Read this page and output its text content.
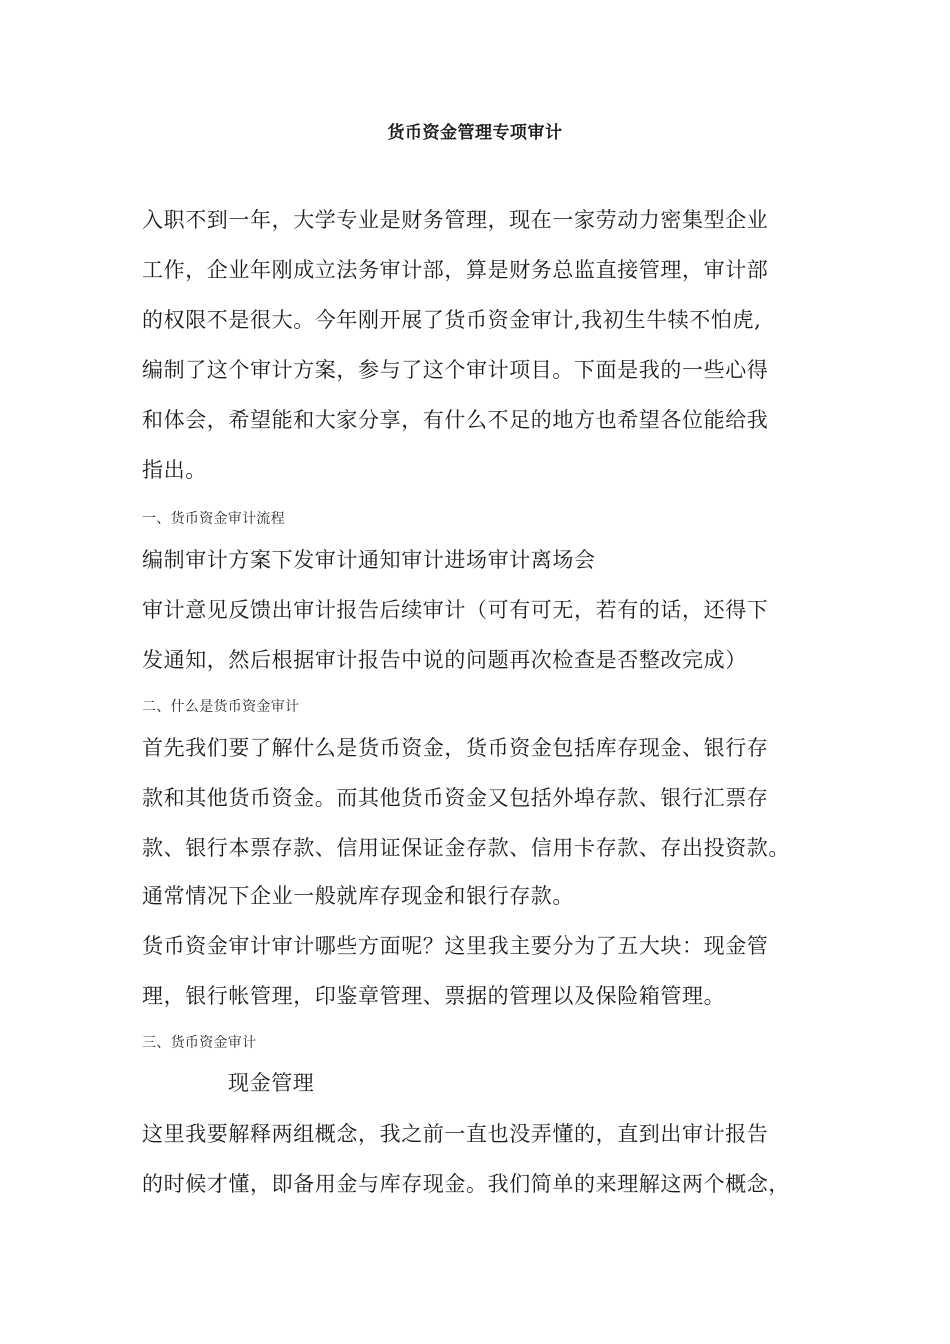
货币资金管理专项审计
入职不到一年，大学专业是财务管理，现在一家劳动力密集型企业
工作，企业年刚成立法务审计部，算是财务总监直接管理，审计部
的权限不是很大。今年刚开展了货币资金审计,我初生牛犊不怕虎,
编制了这个审计方案，参与了这个审计项目。下面是我的一些心得
和体会，希望能和大家分享，有什么不足的地方也希望各位能给我
指出。
一、货币资金审计流程
编制审计方案下发审计通知审计进场审计离场会
审计意见反馈出审计报告后续审计（可有可无，若有的话，还得下
发通知，然后根据审计报告中说的问题再次检查是否整改完成）
二、什么是货币资金审计
首先我们要了解什么是货币资金，货币资金包括库存现金、银行存
款和其他货币资金。而其他货币资金又包括外埠存款、银行汇票存
款、银行本票存款、信用证保证金存款、信用卡存款、存出投资款。
通常情况下企业一般就库存现金和银行存款。
货币资金审计审计哪些方面呢？这里我主要分为了五大块：现金管
理，银行帐管理，印鉴章管理、票据的管理以及保险箱管理。
三、货币资金审计
现金管理
这里我要解释两组概念，我之前一直也没弄懂的，直到出审计报告
的时候才懂，即备用金与库存现金。我们简单的来理解这两个概念，
